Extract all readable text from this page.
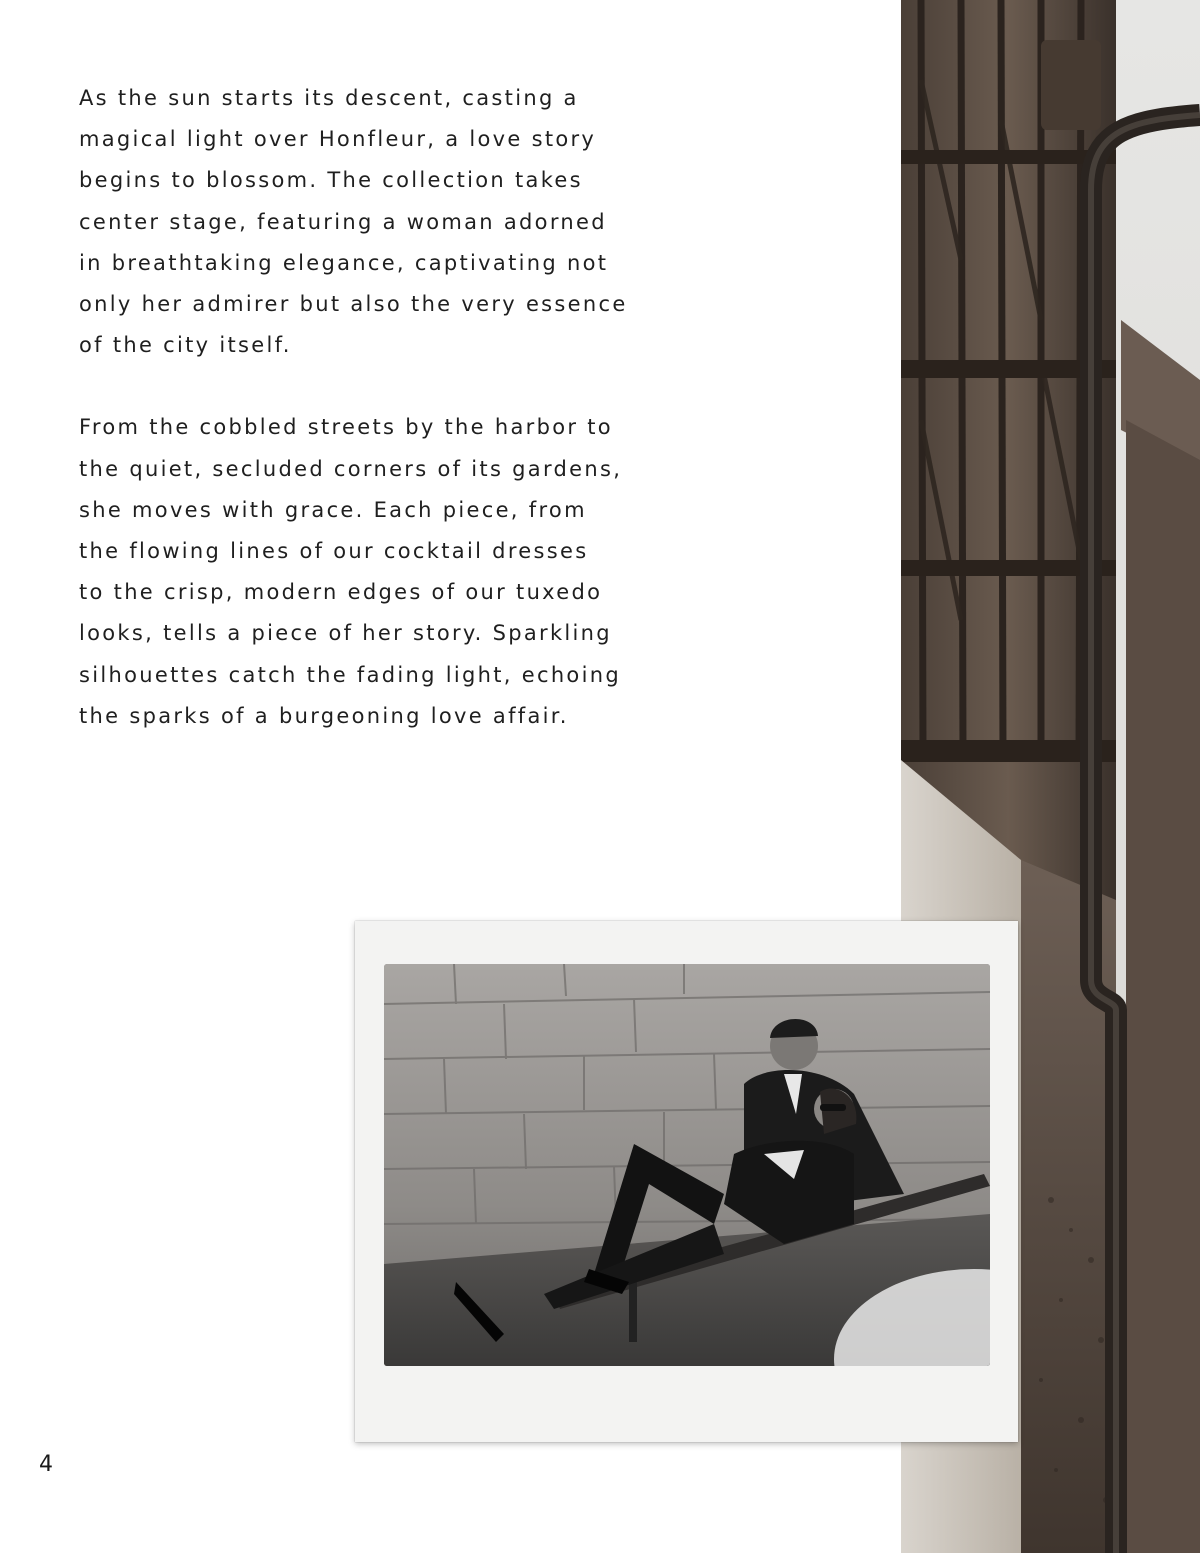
As the sun starts its descent, casting a
magical light over Honfleur, a love story
begins to blossom. The collection takes
center stage, featuring a woman adorned
in breathtaking elegance, captivating not
only her admirer but also the very essence
of the city itself.

From the cobbled streets by the harbor to
the quiet, secluded corners of its gardens,
she moves with grace. Each piece, from
the flowing lines of our cocktail dresses
to the crisp, modern edges of our tuxedo
looks, tells a piece of her story. Sparkling
silhouettes catch the fading light, echoing
the sparks of a burgeoning love affair.

4
